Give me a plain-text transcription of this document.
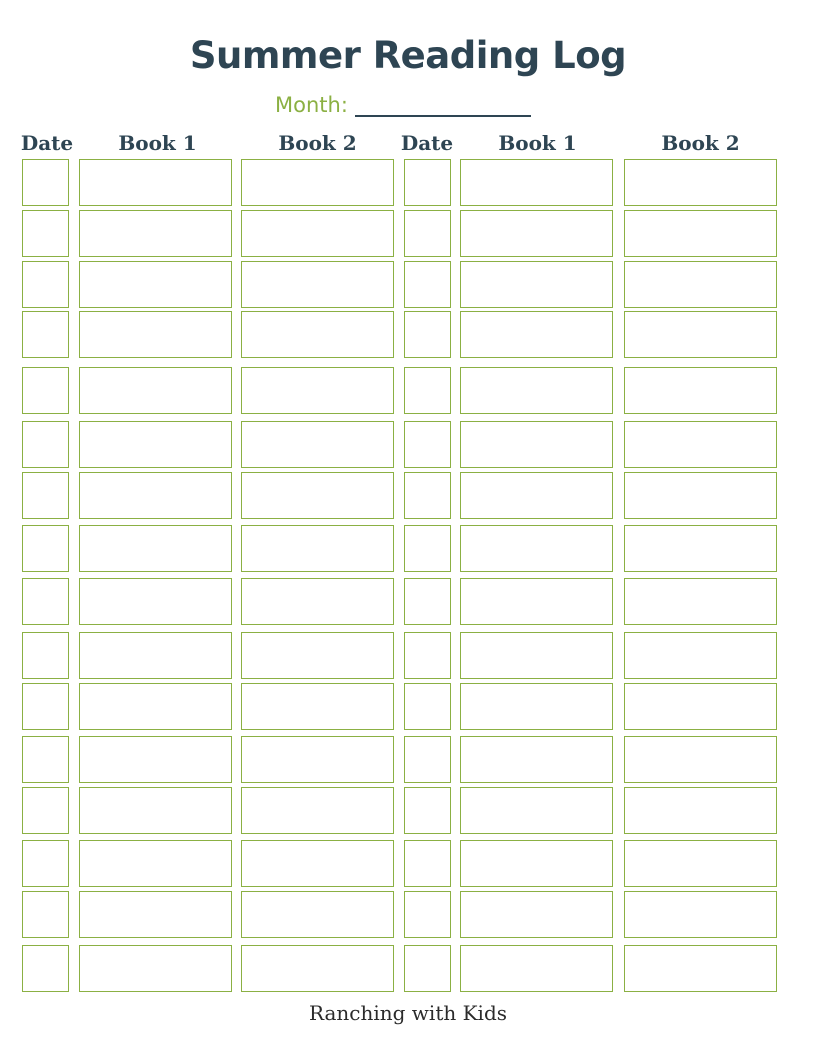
Summer Reading Log
Month:
Date	Book 1	Book 2	Date	Book 1	Book 2
Ranching with Kids
